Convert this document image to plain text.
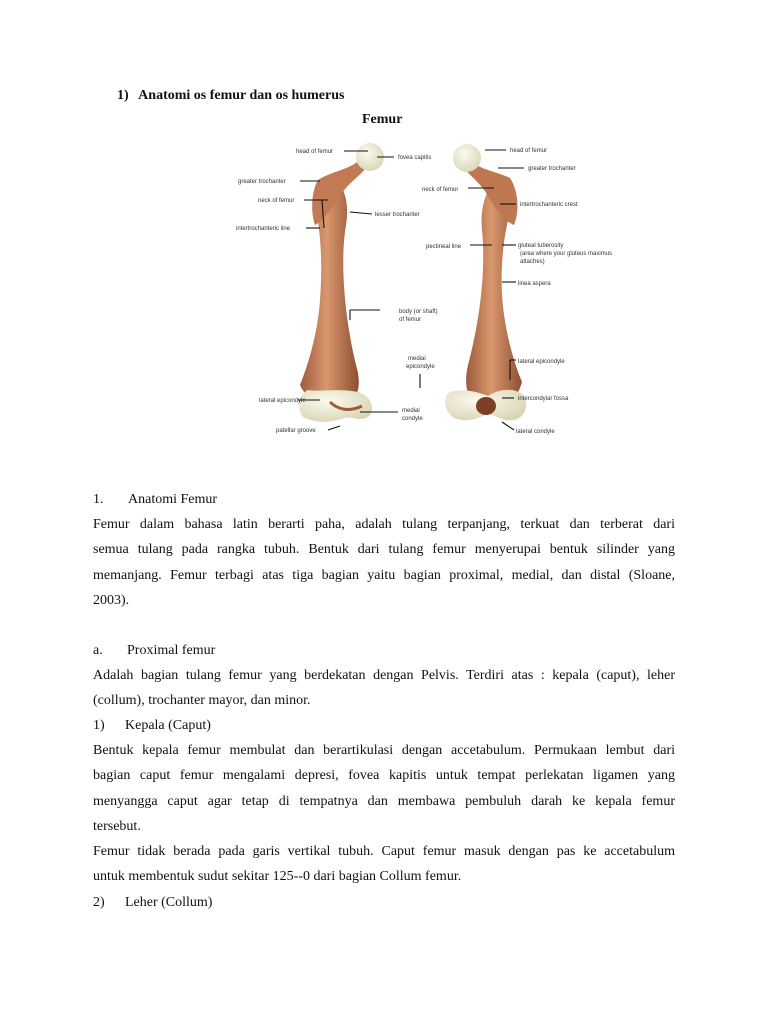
1) Anatomi os femur dan os humerus
Femur
head of femur
fovea capitis
greater trochanter
neck of femur
intertrochanteric line
lesser trochanter
body (or shaft)
of femur
medial
epicondyle
lateral epicondyle
medial
condyle
patellar groove
head of femur
greater trochanter
neck of femur
intertrochanteric crest
pectineal line	gluteal tuberosity
(area where your gluteus maximus
attaches)
linea aspera
lateral epicondyle
intercondylar fossa
lateral condyle
1. Anatomi Femur
Femur dalam bahasa latin berarti paha, adalah tulang terpanjang, terkuat dan terberat dari
semua tulang pada rangka tubuh. Bentuk dari tulang femur menyerupai bentuk silinder yang
memanjang. Femur terbagi atas tiga bagian yaitu bagian proximal, medial, dan distal (Sloane,
2003).
a. Proximal femur
Adalah bagian tulang femur yang berdekatan dengan Pelvis. Terdiri atas : kepala (caput), leher
(collum), trochanter mayor, dan minor.
1) Kepala (Caput)
Bentuk kepala femur membulat dan berartikulasi dengan accetabulum. Permukaan lembut dari
bagian caput femur mengalami depresi, fovea kapitis untuk tempat perlekatan ligamen yang
menyangga caput agar tetap di tempatnya dan membawa pembuluh darah ke kepala femur
tersebut.
Femur tidak berada pada garis vertikal tubuh. Caput femur masuk dengan pas ke accetabulum
untuk membentuk sudut sekitar 125--0 dari bagian Collum femur.
2) Leher (Collum)
